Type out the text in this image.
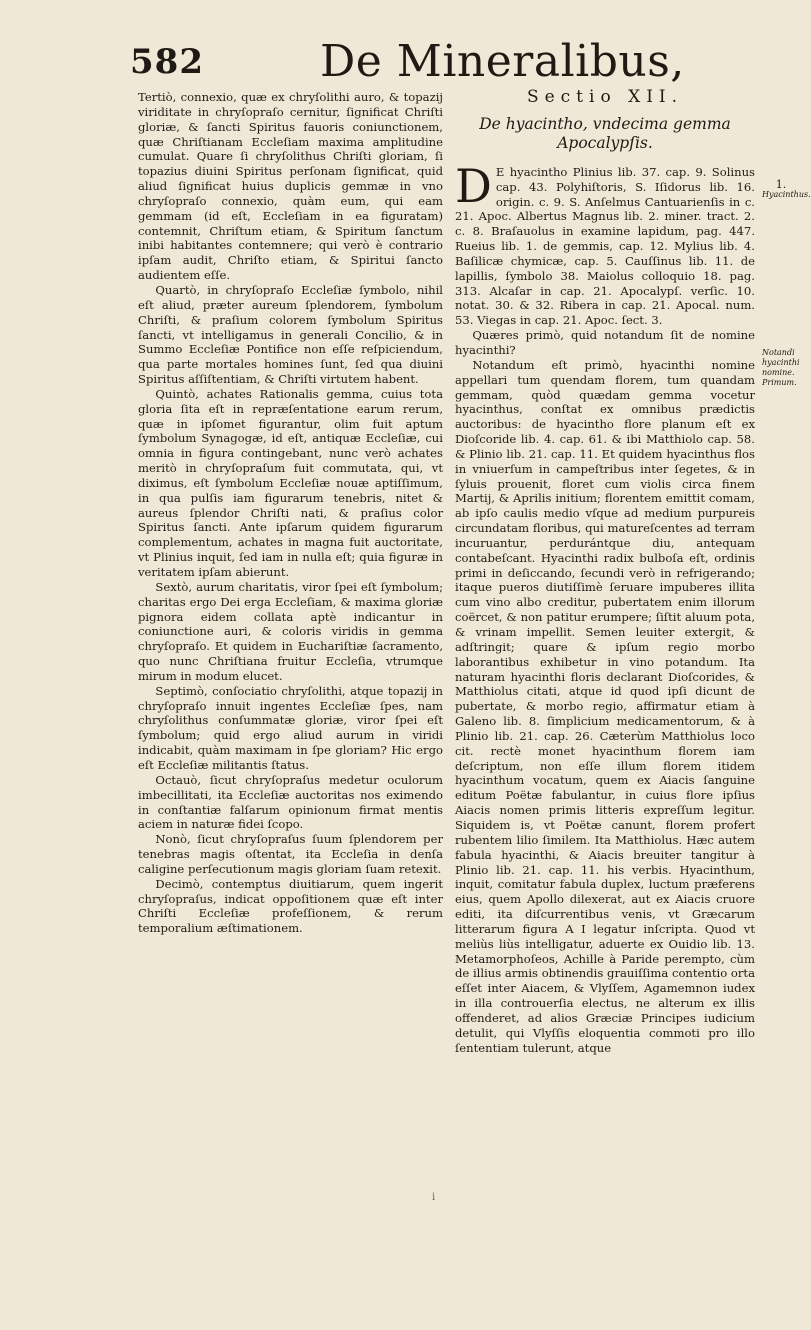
582	De Mineralibus,

Tertiò, connexio, quæ ex chryſolithi auro, & topazij viriditate in chryſopraſo cernitur, ſignificat Chriſti gloriæ, & ſancti Spiritus fauoris coniunctionem, quæ Chriſtianam Eccleſiam maxima amplitudine cumulat. Quare ſi chryſolithus Chriſti gloriam, ſi topazius diuini Spiritus perſonam ſignificat, quid aliud ſignificat huius duplicis gemmæ in vno chryſopraſo connexio, quàm eum, qui eam gemmam (id eſt, Eccleſiam in ea figuratam) contemnit, Chriſtum etiam, & Spiritum ſanctum inibi habitantes contemnere; qui verò è contrario ipſam audit, Chriſto etiam, & Spiritui ſancto audientem eſſe.

Quartò, in chryſopraſo Eccleſiæ ſymbolo, nihil eſt aliud, præter aureum ſplendorem, ſymbolum Chriſti, & praſium colorem ſymbolum Spiritus ſancti, vt intelligamus in generali Concilio, & in Summo Eccleſiæ Pontifice non eſſe reſpiciendum, qua parte mortales homines ſunt, ſed qua diuini Spiritus aſſiſtentiam, & Chriſti virtutem habent.

Quintò, achates Rationalis gemma, cuius tota gloria ſita eſt in repræſentatione earum rerum, quæ in ipſomet figurantur, olim fuit aptum ſymbolum Synagogæ, id eſt, antiquæ Eccleſiæ, cui omnia in figura contingebant, nunc verò achates meritò in chryſopraſum fuit commutata, qui, vt diximus, eſt ſymbolum Eccleſiæ nouæ aptiſſimum, in qua pulſis iam figurarum tenebris, nitet & aureus ſplendor Chriſti nati, & praſius color Spiritus ſancti. Ante ipſarum quidem figurarum complementum, achates in magna fuit auctoritate, vt Plinius inquit, ſed iam in nulla eſt; quia figuræ in veritatem ipſam abierunt.

Sextò, aurum charitatis, viror ſpei eſt ſymbolum; charitas ergo Dei erga Eccleſiam, & maxima gloriæ pignora eidem collata aptè indicantur in coniunctione auri, & coloris viridis in gemma chryſopraſo. Et quidem in Euchariſtiæ ſacramento, quo nunc Chriſtiana fruitur Eccleſia, vtrumque mirum in modum elucet.

Septimò, conſociatio chryſolithi, atque topazij in chryſopraſo innuit ingentes Eccleſiæ ſpes, nam chryſolithus conſummatæ gloriæ, viror ſpei eſt ſymbolum; quid ergo aliud aurum in viridi indicabit, quàm maximam in ſpe gloriam? Hic ergo eſt Eccleſiæ militantis ſtatus.

Octauò, ſicut chryſopraſus medetur oculorum imbecillitati, ita Eccleſiæ auctoritas nos eximendo in conſtantiæ falſarum opinionum firmat mentis aciem in naturæ fidei ſcopo.

Nonò, ſicut chryſopraſus ſuum ſplendorem per tenebras magis oſtentat, ita Eccleſia in denſa caligine perſecutionum magis gloriam ſuam retexit.

Decimò, contemptus diuitiarum, quem ingerit chryſopraſus, indicat oppoſitionem quæ eſt inter Chriſti Eccleſiæ profeſſionem, & rerum temporalium æſtimationem.

Sectio XII.
De hyacintho, vndecima gemma
Apocalypſis.

D E hyacintho Plinius lib. 37. cap. 9. Solinus cap. 43. Polyhiſtoris, S. Iſidorus lib. 16. origin. c. 9. S. Anſelmus Cantuarienſis in c. 21. Apoc. Albertus Magnus lib. 2. miner. tract. 2. c. 8. Braſauolus in examine lapidum, pag. 447. Rueius lib. 1. de gemmis, cap. 12. Mylius lib. 4. Baſilicæ chymicæ, cap. 5. Cauſſinus lib. 11. de lapillis, ſymbolo 38. Maiolus colloquio 18. pag. 313. Alcaſar in cap. 21. Apocalypſ. verſic. 10. notat. 30. & 32. Ribera in cap. 21. Apocal. num. 53. Viegas in cap. 21. Apoc. ſect. 3.

Quæres primò, quid notandum ſit de nomine hyacinthi?

Notandum eſt primò, hyacinthi nomine appellari tum quendam florem, tum quandam gemmam, quòd quædam gemma vocetur hyacinthus, conſtat ex omnibus prædictis auctoribus: de hyacintho flore planum eſt ex Dioſcoride lib. 4. cap. 61. & ibi Matthiolo cap. 58. & Plinio lib. 21. cap. 11. Et quidem hyacinthus flos in vniuerſum in campeſtribus inter ſegetes, & in ſyluis prouenit, floret cum violis circa finem Martij, & Aprilis initium; florentem emittit comam, ab ipſo caulis medio vſque ad medium purpureis circundatam floribus, qui matureſcentes ad terram incuruantur, perdurántque diu, antequam contabeſcant. Hyacinthi radix bulboſa eſt, ordinis primi in deſiccando, ſecundi verò in refrigerando; itaque pueros diutiſſimè ſeruare impuberes illita cum vino albo creditur, pubertatem enim illorum coërcet, & non patitur erumpere; ſiſtit aluum pota, & vrinam impellit. Semen leuiter extergit, & adſtringit; quare & ipſum regio morbo laborantibus exhibetur in vino potandum. Ita naturam hyacinthi floris declarant Dioſcorides, & Matthiolus citati, atque id quod ipſi dicunt de pubertate, & morbo regio, affirmatur etiam à Galeno lib. 8. ſimplicium medicamentorum, & à Plinio lib. 21. cap. 26. Cæterùm Matthiolus loco cit. rectè monet hyacinthum florem iam deſcriptum, non eſſe illum florem itidem hyacinthum vocatum, quem ex Aiacis ſanguine editum Poëtæ fabulantur, in cuius flore ipſius Aiacis nomen primis litteris expreſſum legitur. Siquidem is, vt Poëtæ canunt, florem profert rubentem lilio ſimilem. Ita Matthiolus. Hæc autem fabula hyacinthi, & Aiacis breuiter tangitur à Plinio lib. 21. cap. 11. his verbis. Hyacinthum, inquit, comitatur fabula duplex, luctum præferens eius, quem Apollo dilexerat, aut ex Aiacis cruore editi, ita diſcurrentibus venis, vt Græcarum litterarum figura A I legatur inſcripta. Quod vt meliùs liùs intelligatur, aduerte ex Ouidio lib. 13. Metamorphoſeos, Achille à Paride perempto, cùm de illius armis obtinendis grauiſſima contentio orta eſſet inter Aiacem, & Vlyſſem, Agamemnon iudex in illa controuerſia electus, ne alterum ex illis offenderet, ad alios Græciæ Principes iudicium detulit, qui Vlyſſis eloquentia commoti pro illo ſententiam tulerunt, atque

1.
Hyacinthus.
Notandi hyacinthi nomine. Primum.
i
